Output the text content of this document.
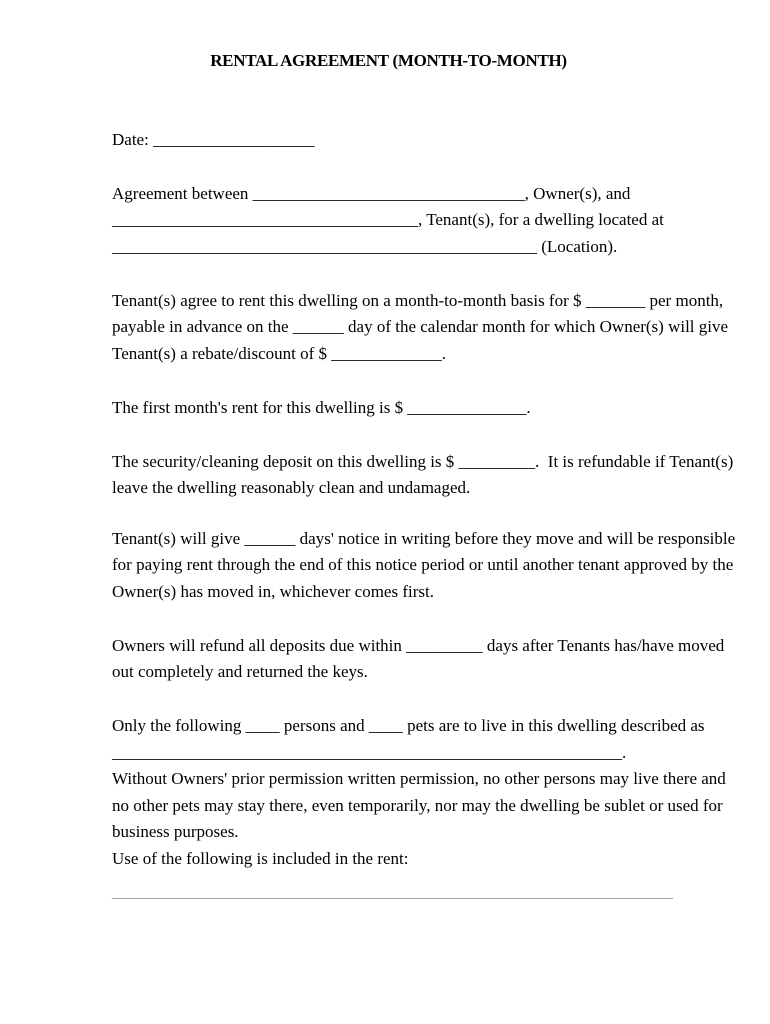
RENTAL AGREEMENT (MONTH-TO-MONTH)
Date: ___________________
Agreement between ________________________________, Owner(s), and
____________________________________, Tenant(s), for a dwelling located at
__________________________________________________ (Location).
Tenant(s) agree to rent this dwelling on a month-to-month basis for $ _______ per month,
payable in advance on the ______ day of the calendar month for which Owner(s) will give
Tenant(s) a rebate/discount of $ _____________.
The first month's rent for this dwelling is $ ______________.
The security/cleaning deposit on this dwelling is $ _________.  It is refundable if Tenant(s)
leave the dwelling reasonably clean and undamaged.
Tenant(s) will give ______ days' notice in writing before they move and will be responsible
for paying rent through the end of this notice period or until another tenant approved by the
Owner(s) has moved in, whichever comes first.
Owners will refund all deposits due within _________ days after Tenants has/have moved
out completely and returned the keys.
Only the following ____ persons and ____ pets are to live in this dwelling described as
____________________________________________________________.
Without Owners' prior permission written permission, no other persons may live there and
no other pets may stay there, even temporarily, nor may the dwelling be sublet or used for
business purposes.
Use of the following is included in the rent:
__________________________________________________________________
